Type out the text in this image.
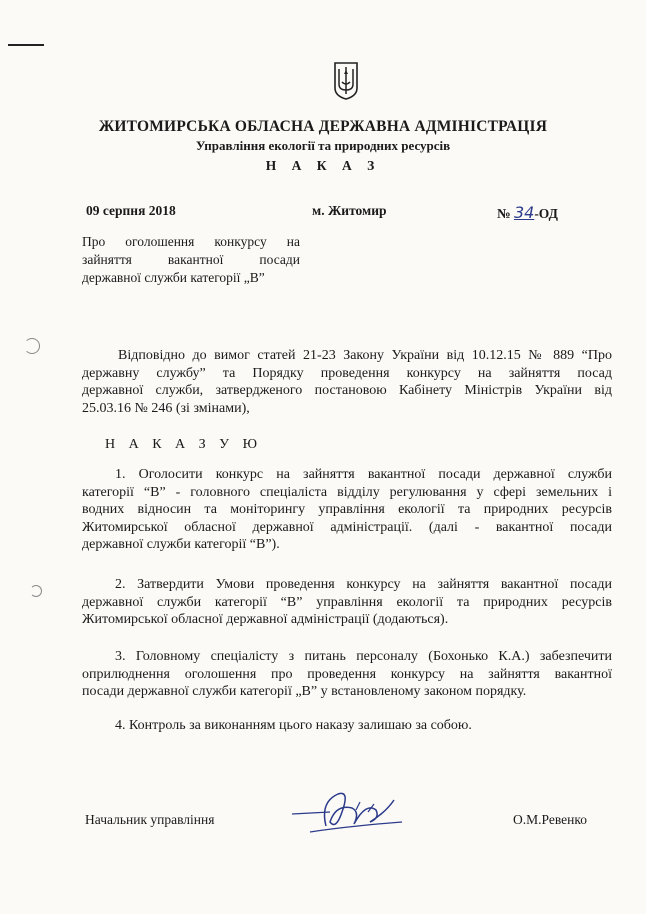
ЖИТОМИРСЬКА ОБЛАСНА ДЕРЖАВНА АДМІНІСТРАЦІЯ
Управління екології та природних ресурсів
Н А К А З
09 серпня 2018	м. Житомир	№ 34-ОД
Про оголошення конкурсу на
зайняття вакантної посади
державної служби категорії „В”
Відповідно до вимог статей 21-23 Закону України від 10.12.15 № 889 “Про
державну службу” та Порядку проведення конкурсу на зайняття посад
державної служби, затвердженого постановою Кабінету Міністрів України від
25.03.16 № 246 (зі змінами),
Н А К А З У Ю
1. Оголосити конкурс на зайняття вакантної посади державної служби
категорії “В” - головного спеціаліста відділу регулювання у сфері земельних і
водних відносин та моніторингу управління екології та природних ресурсів
Житомирської обласної державної адміністрації. (далі - вакантної посади
державної служби категорії “В”).
2. Затвердити Умови проведення конкурсу на зайняття вакантної посади
державної служби категорії “В” управління екології та природних ресурсів
Житомирської обласної державної адміністрації (додаються).
3. Головному спеціалісту з питань персоналу (Бохонько К.А.) забезпечити
оприлюднення оголошення про проведення конкурсу на зайняття вакантної
посади державної служби категорії „В” у встановленому законом порядку.
4. Контроль за виконанням цього наказу залишаю за собою.
Начальник управління	О.М.Ревенко
